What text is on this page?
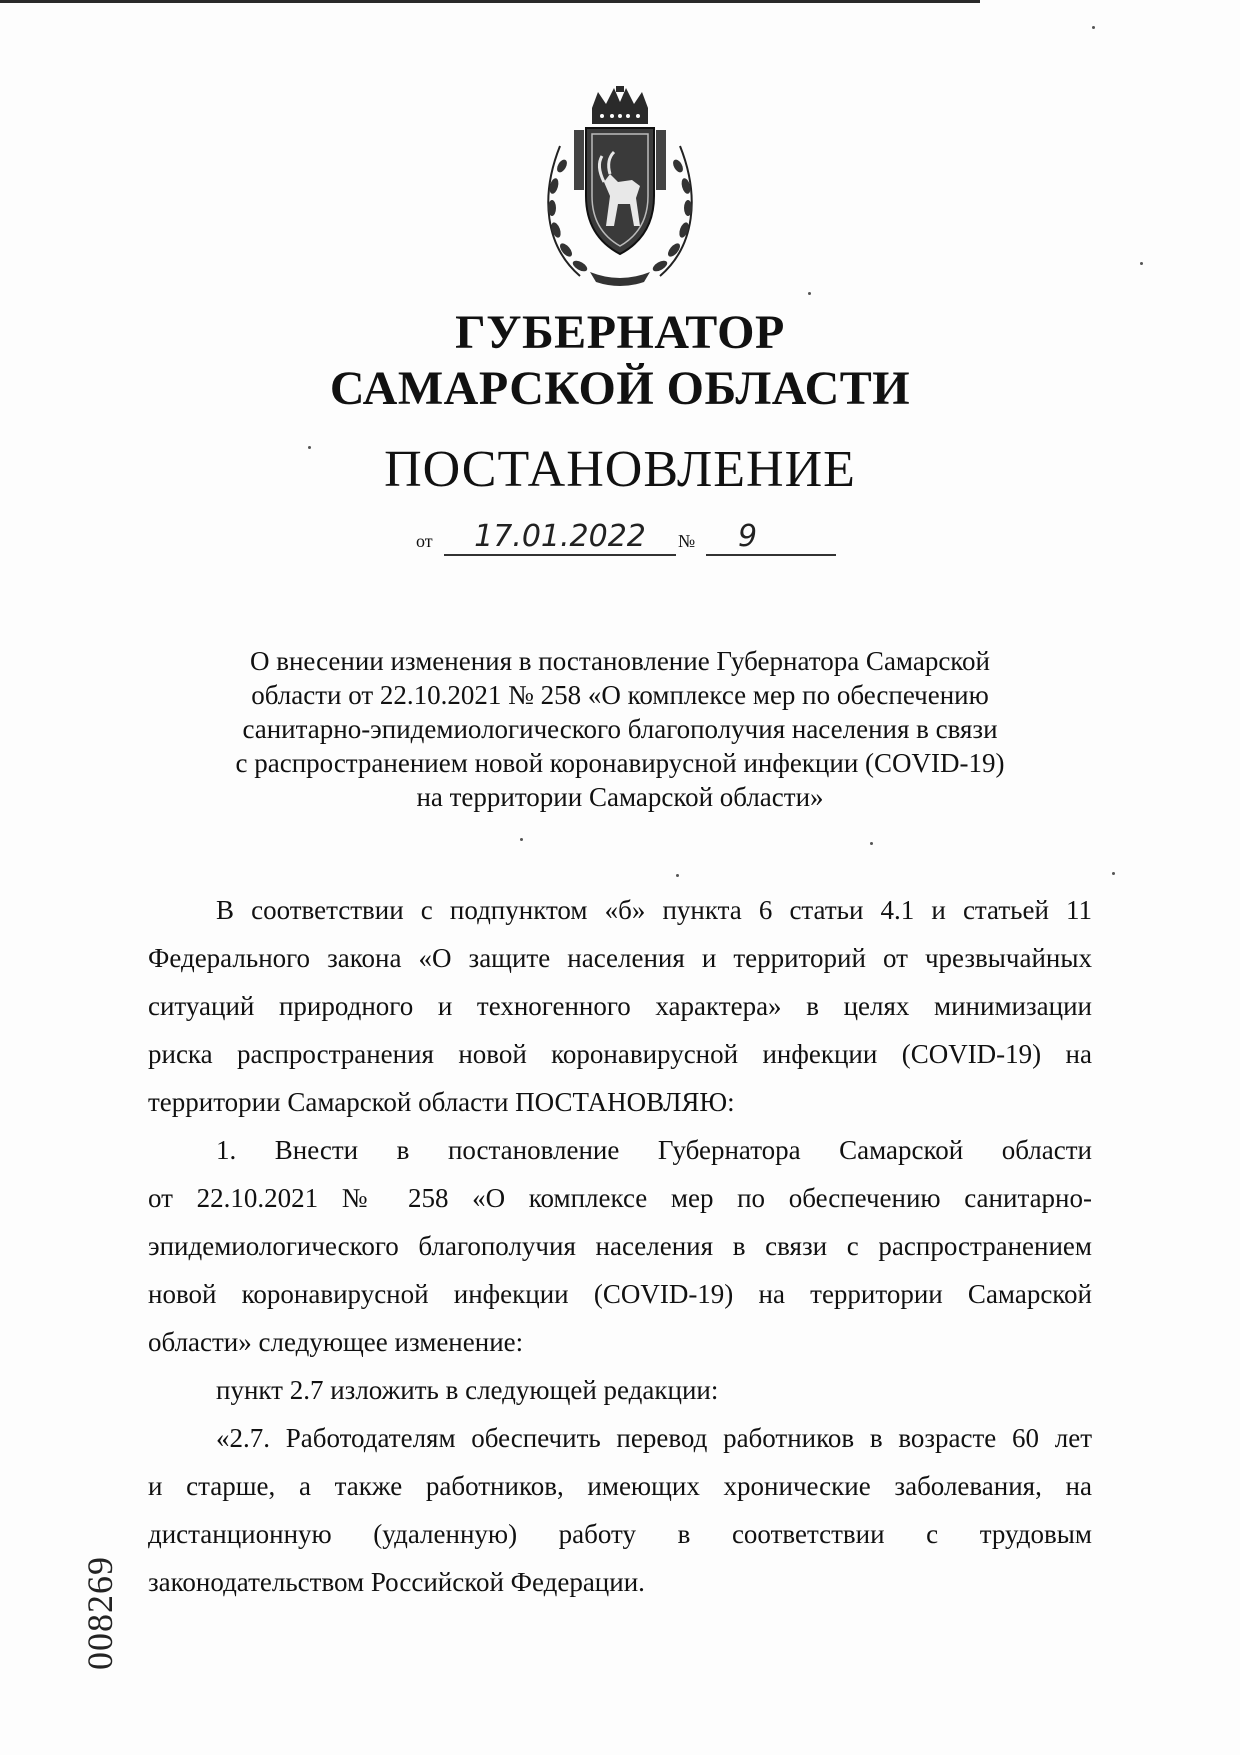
ГУБЕРНАТОР
САМАРСКОЙ ОБЛАСТИ
ПОСТАНОВЛЕНИЕ
от	17.01.2022	№	9
О внесении изменения в постановление Губернатора Самарской
области от 22.10.2021 № 258 «О комплексе мер по обеспечению
санитарно-эпидемиологического благополучия населения в связи
с распространением новой коронавирусной инфекции (COVID-19)
на территории Самарской области»
В соответствии с подпунктом «б» пункта 6 статьи 4.1 и статьей 11
Федерального закона «О защите населения и территорий от чрезвычайных
ситуаций природного и техногенного характера» в целях минимизации
риска распространения новой коронавирусной инфекции (COVID-19) на
территории Самарской области ПОСТАНОВЛЯЮ:
1. Внести в постановление Губернатора Самарской области
от 22.10.2021 № 258 «О комплексе мер по обеспечению санитарно-
эпидемиологического благополучия населения в связи с распространением
новой коронавирусной инфекции (COVID-19) на территории Самарской
области» следующее изменение:
пункт 2.7 изложить в следующей редакции:
«2.7. Работодателям обеспечить перевод работников в возрасте 60 лет
и старше, а также работников, имеющих хронические заболевания, на
дистанционную (удаленную) работу в соответствии с трудовым
законодательством Российской Федерации.
008269
